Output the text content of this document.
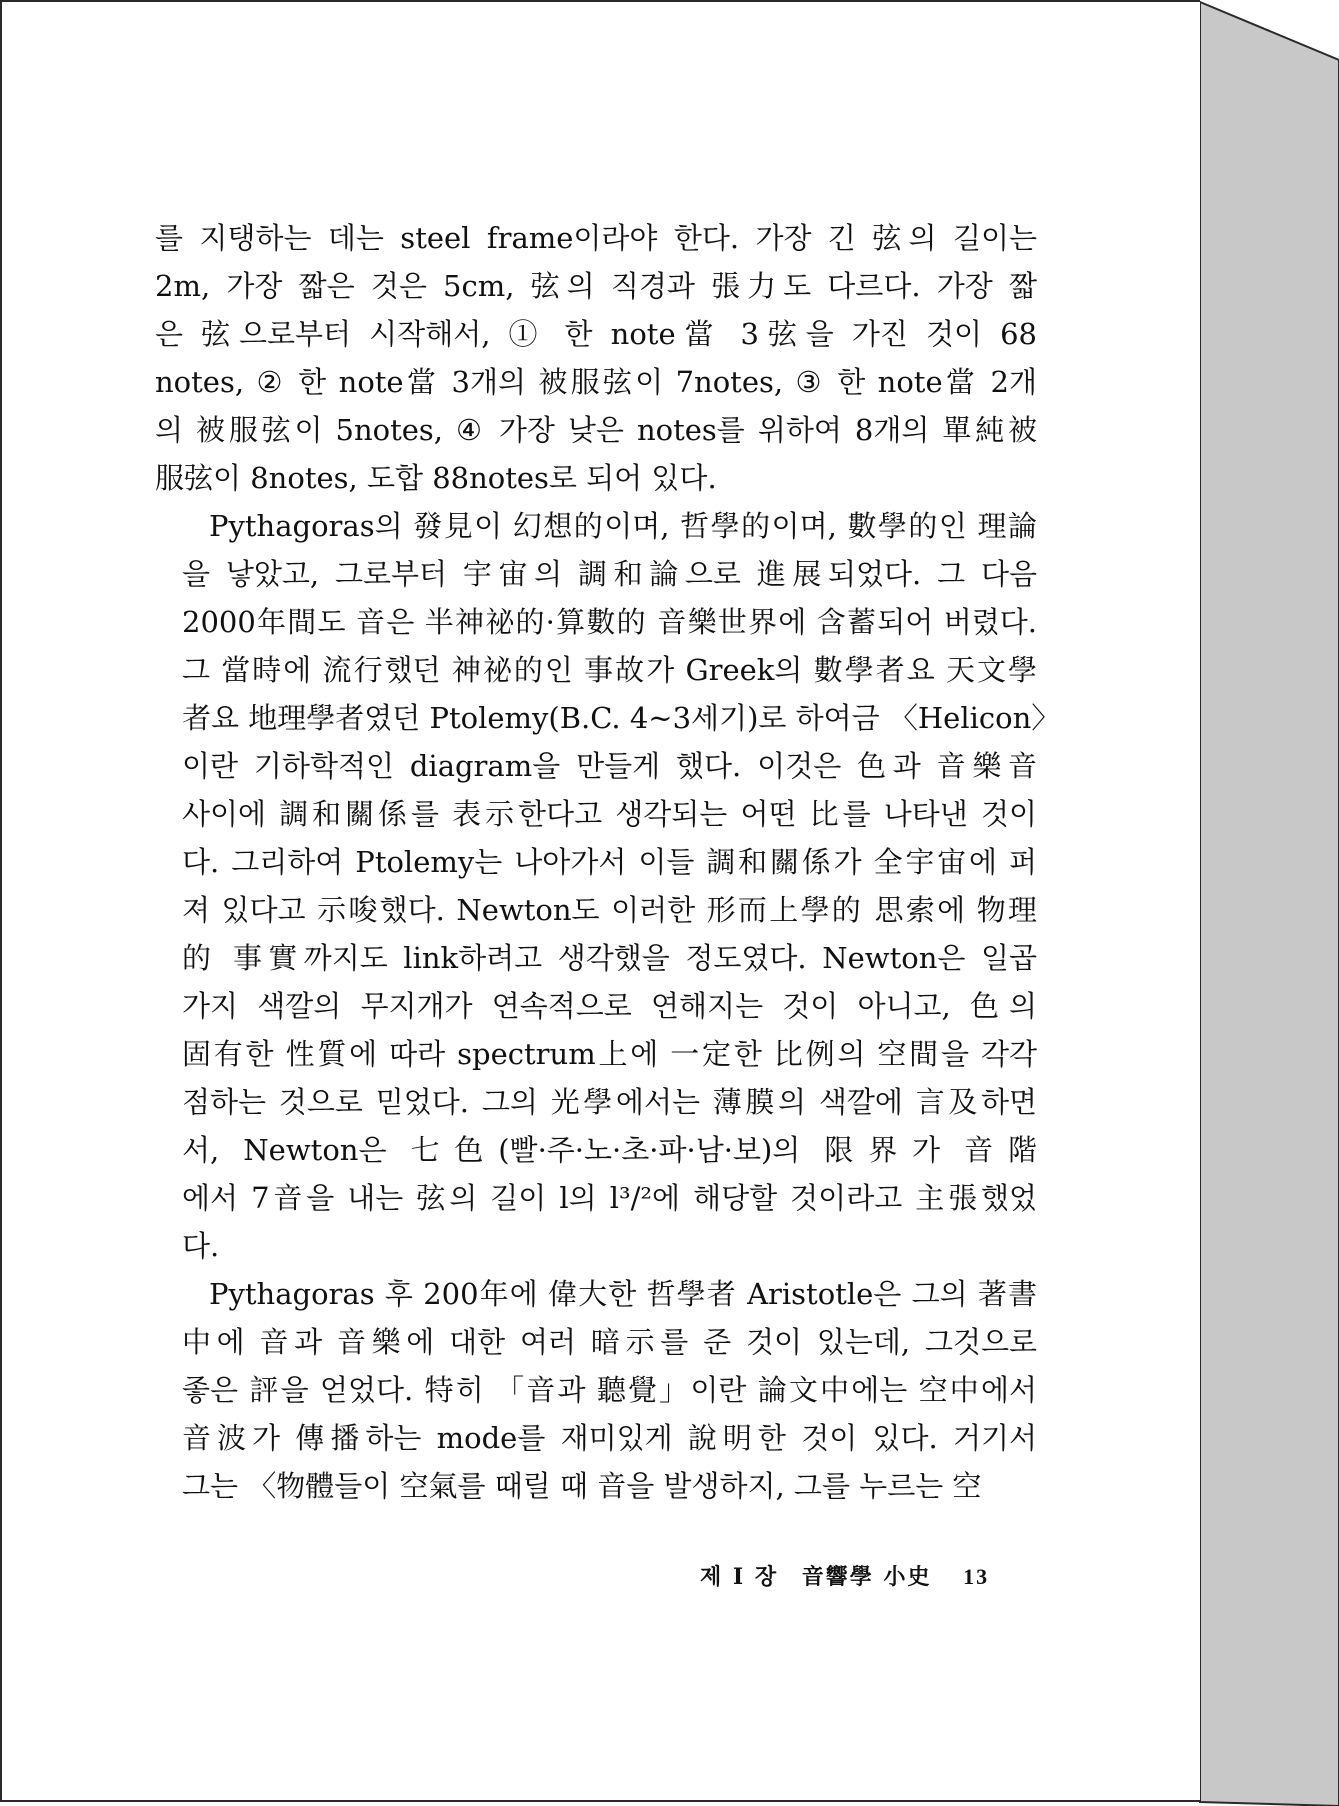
를 지탱하는 데는 steel frame이라야 한다. 가장 긴 弦의 길이는
2m, 가장 짧은 것은 5cm, 弦의 직경과 張力도 다르다. 가장 짧
은 弦으로부터 시작해서, ① 한 note當 3弦을 가진 것이 68
notes, ② 한 note當 3개의 被服弦이 7notes, ③ 한 note當 2개
의 被服弦이 5notes, ④ 가장 낮은 notes를 위하여 8개의 單純被
服弦이 8notes, 도합 88notes로 되어 있다.
Pythagoras의 發見이 幻想的이며, 哲學的이며, 數學的인 理論
을 낳았고, 그로부터 宇宙의 調和論으로 進展되었다. 그 다음
2000年間도 音은 半神祕的·算數的 音樂世界에 含蓄되어 버렸다.
그 當時에 流行했던 神祕的인 事故가 Greek의 數學者요 天文學
者요 地理學者였던 Ptolemy(B.C. 4~3세기)로 하여금 〈Helicon〉
이란 기하학적인 diagram을 만들게 했다. 이것은 色과 音樂音
사이에 調和關係를 表示한다고 생각되는 어떤 比를 나타낸 것이
다. 그리하여 Ptolemy는 나아가서 이들 調和關係가 全宇宙에 퍼
져 있다고 示唆했다. Newton도 이러한 形而上學的 思索에 物理
的 事實까지도 link하려고 생각했을 정도였다. Newton은 일곱
가지 색깔의 무지개가 연속적으로 연해지는 것이 아니고, 色의
固有한 性質에 따라 spectrum上에 一定한 比例의 空間을 각각
점하는 것으로 믿었다. 그의 光學에서는 薄膜의 색깔에 言及하면
서, Newton은 七色(빨·주·노·초·파·남·보)의 限界가 音階
에서 7音을 내는 弦의 길이 l의 l³/²에 해당할 것이라고 主張했었
다.
Pythagoras 후 200年에 偉大한 哲學者 Aristotle은 그의 著書
中에 音과 音樂에 대한 여러 暗示를 준 것이 있는데, 그것으로
좋은 評을 얻었다. 特히 「音과 聽覺」이란 論文中에는 空中에서
音波가 傳播하는 mode를 재미있게 說明한 것이 있다. 거기서
그는 〈物體들이 空氣를 때릴 때 音을 발생하지, 그를 누르는 空
제 I 장 音響學 小史 13
